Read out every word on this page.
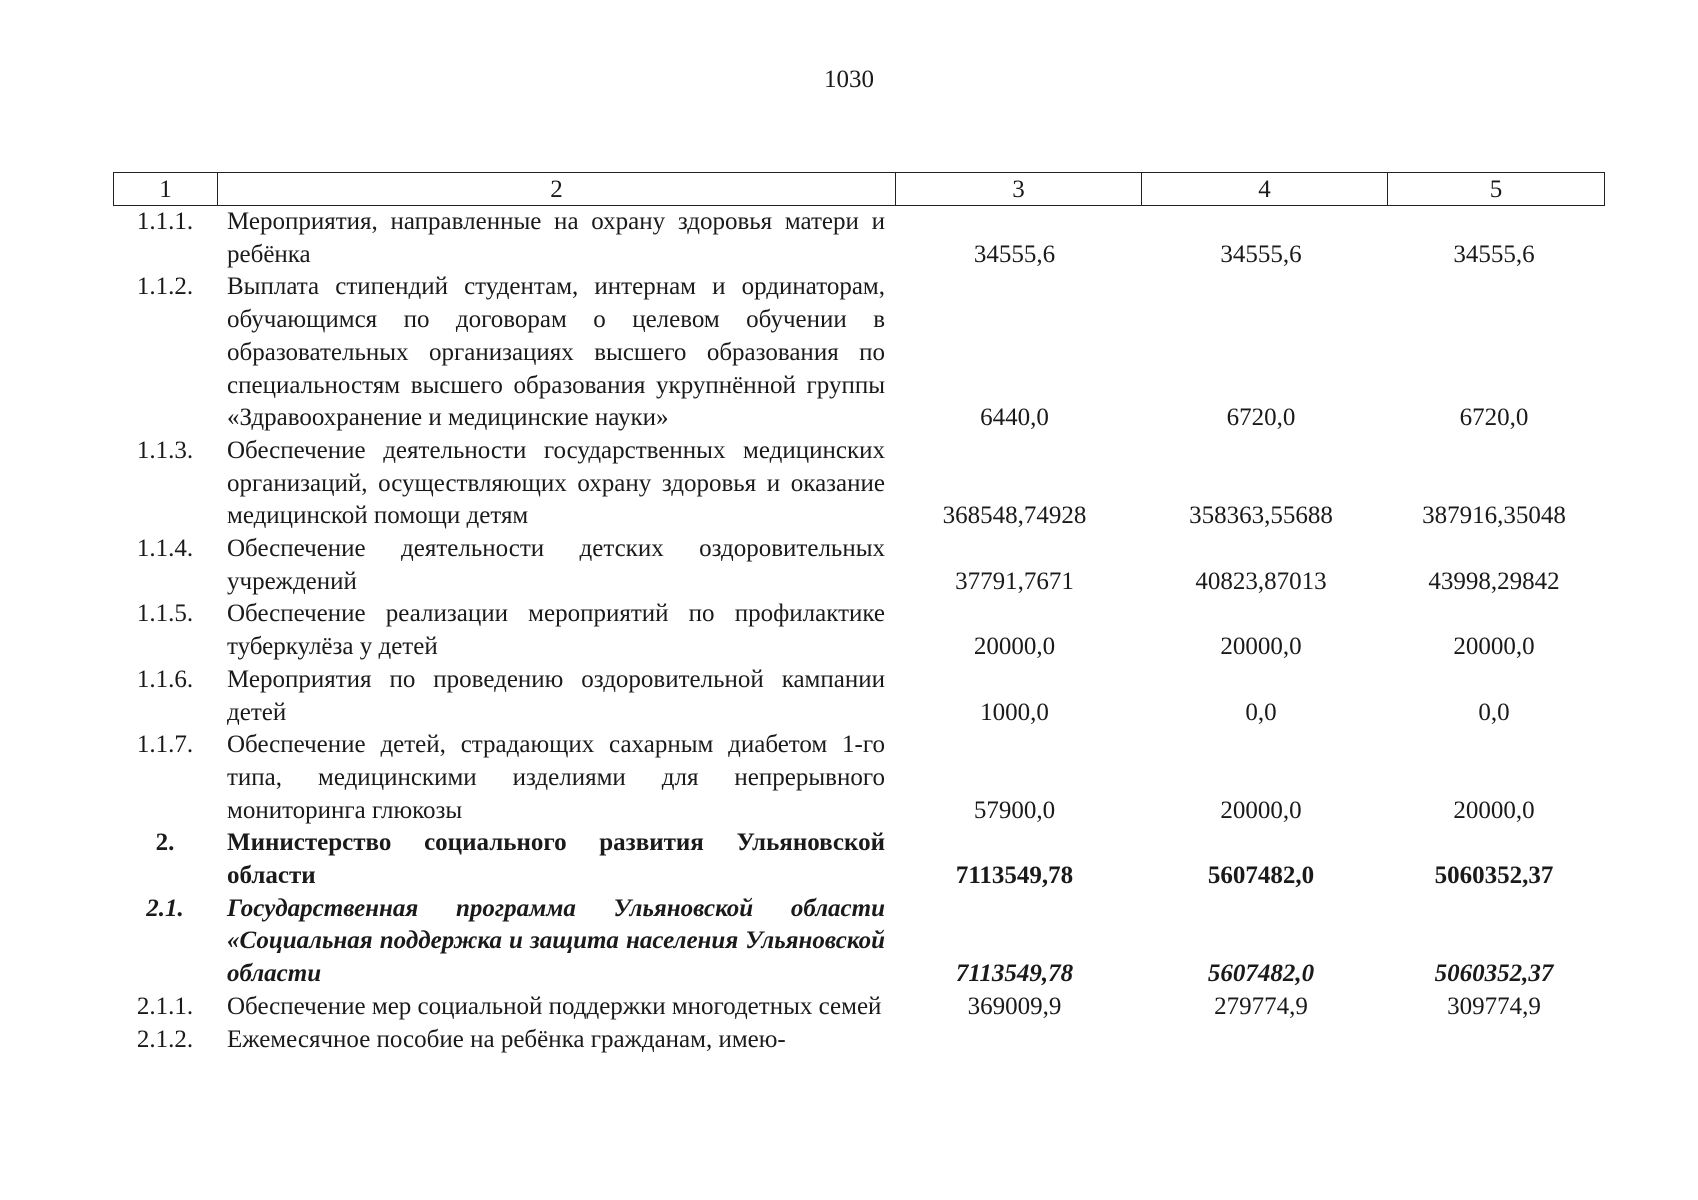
1030
1	2	3	4	5
1.1.1.	Мероприятия, направленные на охрану здоровья матери и ребёнка	34555,6	34555,6	34555,6
1.1.2.	Выплата стипендий студентам, интернам и ординаторам, обучающимся по договорам о целевом обучении в образовательных организациях высшего образования по специальностям высшего образования укрупнённой группы «Здравоохранение и медицинские науки»	6440,0	6720,0	6720,0
1.1.3.	Обеспечение деятельности государственных медицинских организаций, осуществляющих охрану здоровья и оказание медицинской помощи детям	368548,74928	358363,55688	387916,35048
1.1.4.	Обеспечение деятельности детских оздоровительных учреждений	37791,7671	40823,87013	43998,29842
1.1.5.	Обеспечение реализации мероприятий по профилактике туберкулёза у детей	20000,0	20000,0	20000,0
1.1.6.	Мероприятия по проведению оздоровительной кампании детей	1000,0	0,0	0,0
1.1.7.	Обеспечение детей, страдающих сахарным диабетом 1-го типа, медицинскими изделиями для непрерывного мониторинга глюкозы	57900,0	20000,0	20000,0
2.	Министерство социального развития Ульяновской области	7113549,78	5607482,0	5060352,37
2.1.	Государственная программа Ульяновской области «Социальная поддержка и защита населения Ульяновской области	7113549,78	5607482,0	5060352,37
2.1.1.	Обеспечение мер социальной поддержки многодетных семей	369009,9	279774,9	309774,9
2.1.2.	Ежемесячное пособие на ребёнка гражданам, имею-
